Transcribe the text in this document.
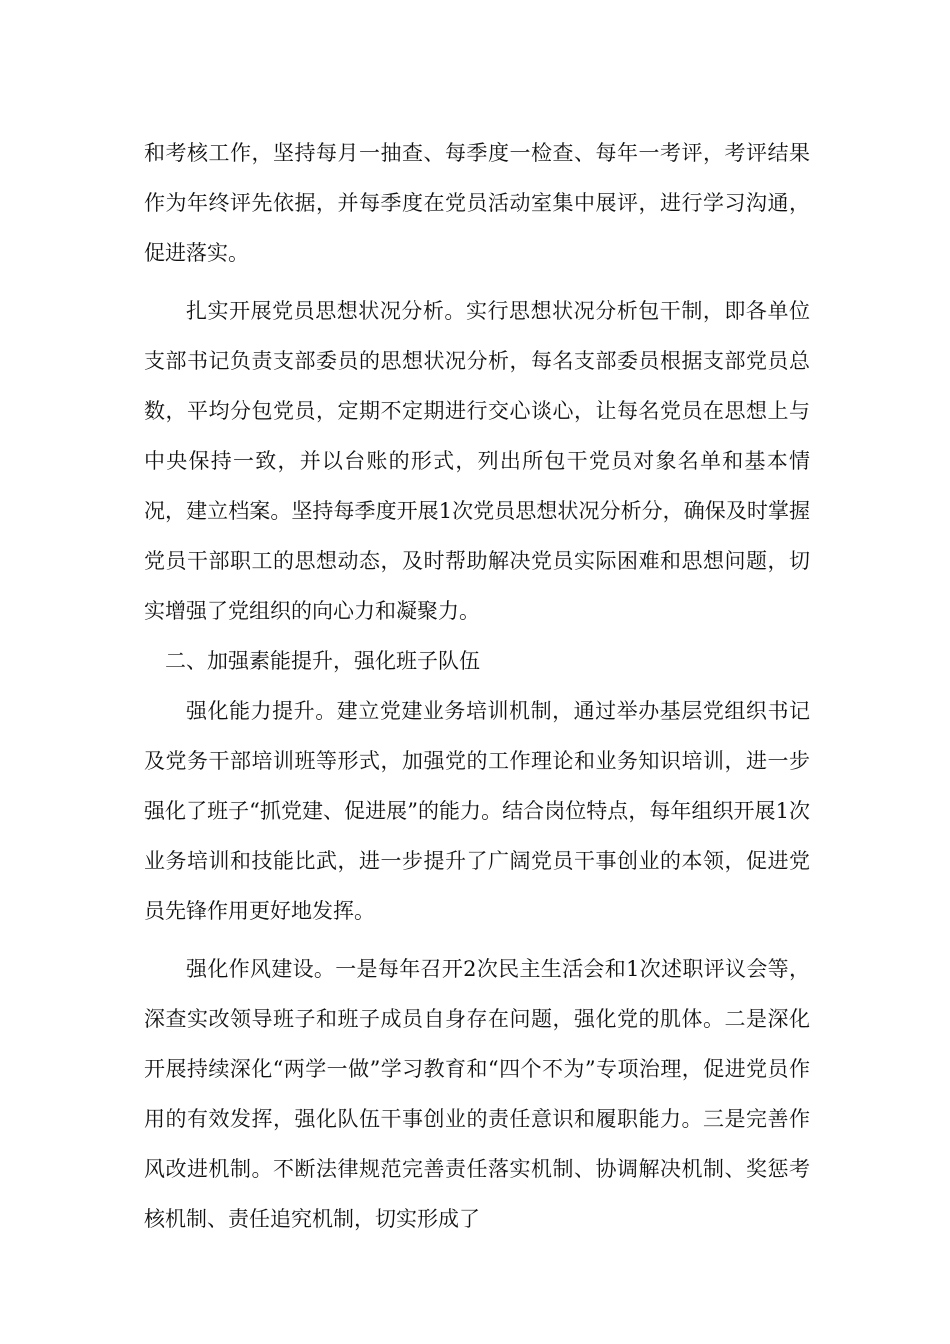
和考核工作，坚持每月一抽查、每季度一检查、每年一考评，考评结果作为年终评先依据，并每季度在党员活动室集中展评，进行学习沟通，促进落实。

扎实开展党员思想状况分析。实行思想状况分析包干制，即各单位支部书记负责支部委员的思想状况分析，每名支部委员根据支部党员总数，平均分包党员，定期不定期进行交心谈心，让每名党员在思想上与中央保持一致，并以台账的形式，列出所包干党员对象名单和基本情况，建立档案。坚持每季度开展1次党员思想状况分析分，确保及时掌握党员干部职工的思想动态，及时帮助解决党员实际困难和思想问题，切实增强了党组织的向心力和凝聚力。

二、加强素能提升，强化班子队伍

强化能力提升。建立党建业务培训机制，通过举办基层党组织书记及党务干部培训班等形式，加强党的工作理论和业务知识培训，进一步强化了班子“抓党建、促进展”的能力。结合岗位特点，每年组织开展1次业务培训和技能比武，进一步提升了广阔党员干事创业的本领，促进党员先锋作用更好地发挥。

强化作风建设。一是每年召开2次民主生活会和1次述职评议会等，深查实改领导班子和班子成员自身存在问题，强化党的肌体。二是深化开展持续深化“两学一做”学习教育和“四个不为”专项治理，促进党员作用的有效发挥，强化队伍干事创业的责任意识和履职能力。三是完善作风改进机制。不断法律规范完善责任落实机制、协调解决机制、奖惩考核机制、责任追究机制，切实形成了
